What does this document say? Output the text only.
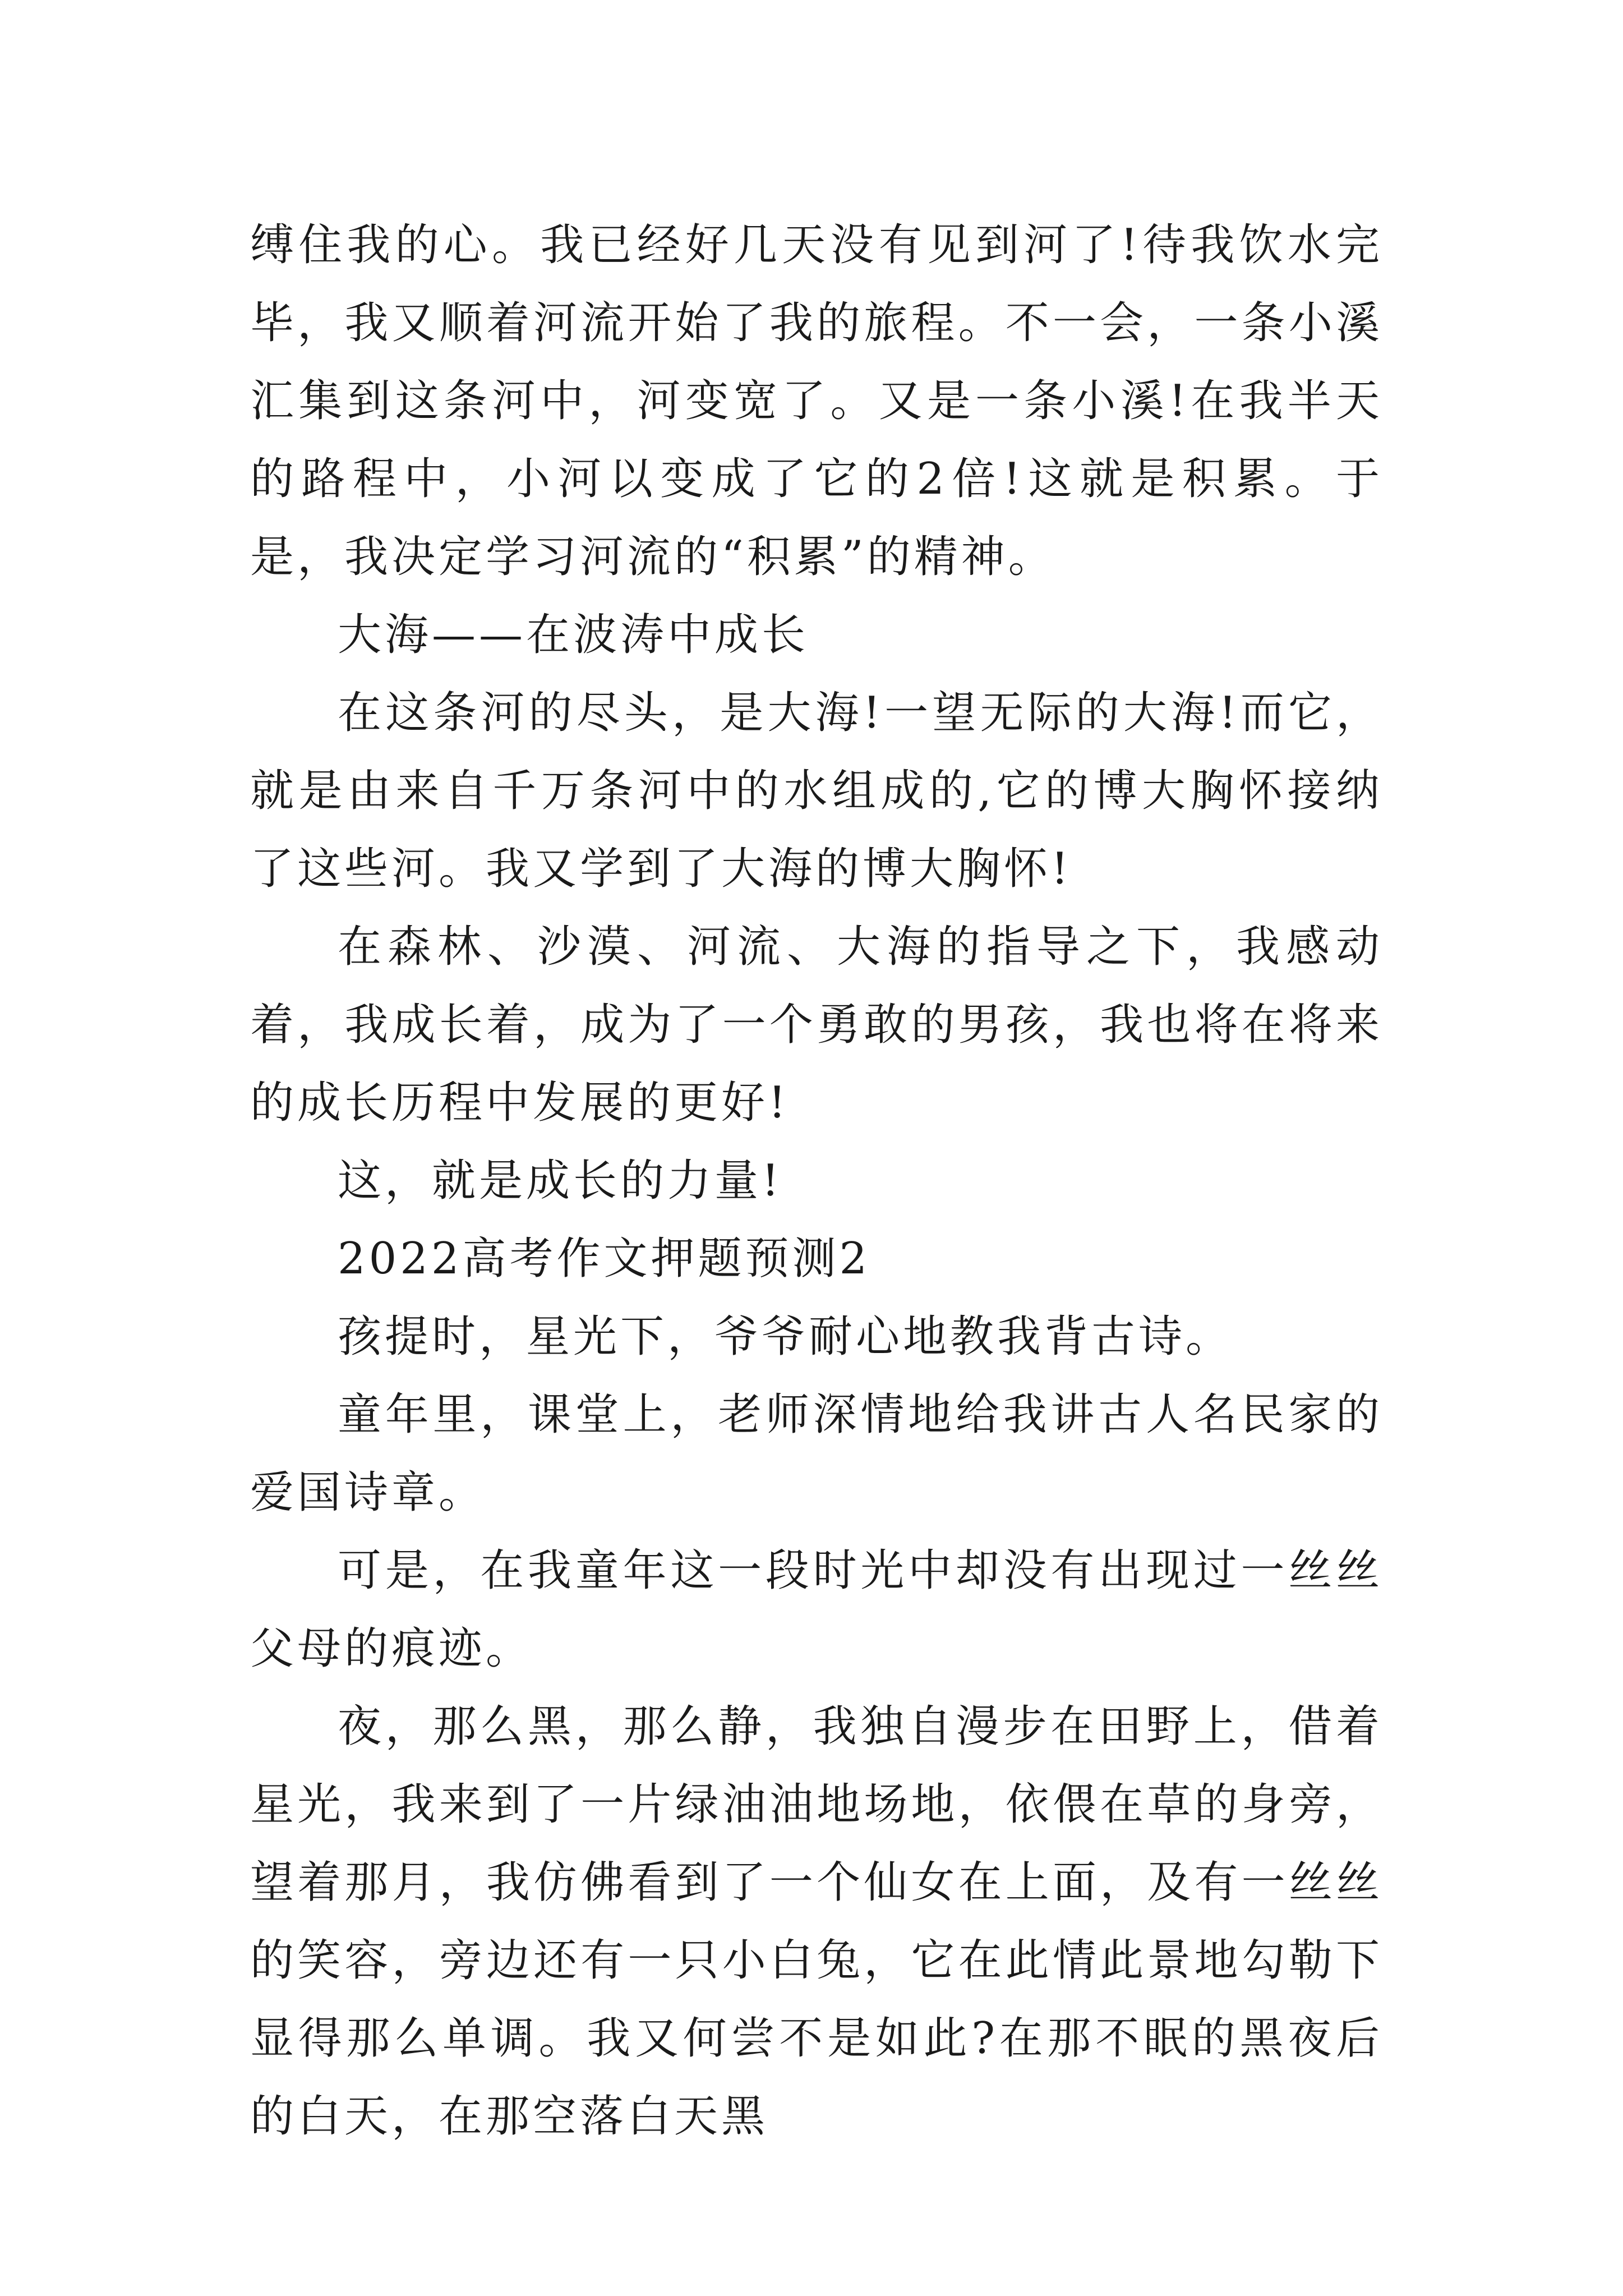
缚住我的心。我已经好几天没有见到河了!待我饮水完毕，我又顺着河流开始了我的旅程。不一会，一条小溪汇集到这条河中，河变宽了。又是一条小溪!在我半天的路程中，小河以变成了它的2倍!这就是积累。于是，我决定学习河流的“积累”的精神。

大海——在波涛中成长

在这条河的尽头，是大海!一望无际的大海!而它，就是由来自千万条河中的水组成的,它的博大胸怀接纳了这些河。我又学到了大海的博大胸怀!

在森林、沙漠、河流、大海的指导之下，我感动着，我成长着，成为了一个勇敢的男孩，我也将在将来的成长历程中发展的更好!

这，就是成长的力量!

2022高考作文押题预测2

孩提时，星光下，爷爷耐心地教我背古诗。

童年里，课堂上，老师深情地给我讲古人名民家的爱国诗章。

可是，在我童年这一段时光中却没有出现过一丝丝父母的痕迹。

夜，那么黑，那么静，我独自漫步在田野上，借着星光，我来到了一片绿油油地场地，依偎在草的身旁，望着那月，我仿佛看到了一个仙女在上面，及有一丝丝的笑容，旁边还有一只小白兔，它在此情此景地勾勒下显得那么单调。我又何尝不是如此?在那不眠的黑夜后的白天，在那空落白天黑
